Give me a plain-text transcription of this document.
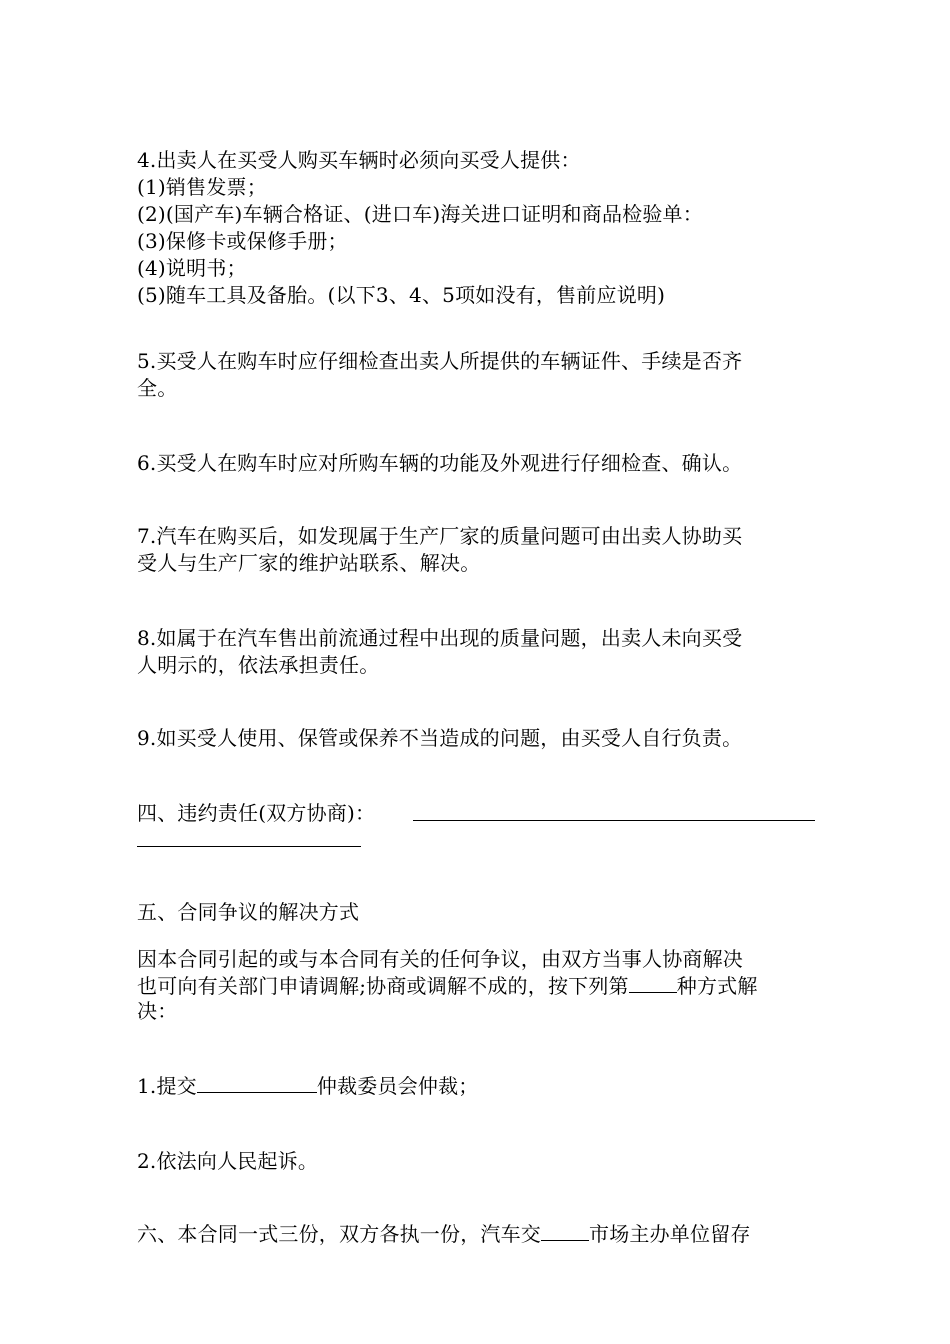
4.出卖人在买受人购买车辆时必须向买受人提供：
(1)销售发票；
(2)(国产车)车辆合格证、(进口车)海关进口证明和商品检验单：
(3)保修卡或保修手册；
(4)说明书；
(5)随车工具及备胎。(以下3、4、5项如没有，售前应说明)
5.买受人在购车时应仔细检查出卖人所提供的车辆证件、手续是否齐
全。
6.买受人在购车时应对所购车辆的功能及外观进行仔细检查、确认。
7.汽车在购买后，如发现属于生产厂家的质量问题可由出卖人协助买
受人与生产厂家的维护站联系、解决。
8.如属于在汽车售出前流通过程中出现的质量问题，出卖人未向买受
人明示的，依法承担责任。
9.如买受人使用、保管或保养不当造成的问题，由买受人自行负责。
四、违约责任(双方协商)：
五、合同争议的解决方式
因本合同引起的或与本合同有关的任何争议，由双方当事人协商解决
也可向有关部门申请调解;协商或调解不成的，按下列第 种方式解
决：
1.提交	仲裁委员会仲裁；
2.依法向人民起诉。
六、本合同一式三份，双方各执一份，汽车交 市场主办单位留存
